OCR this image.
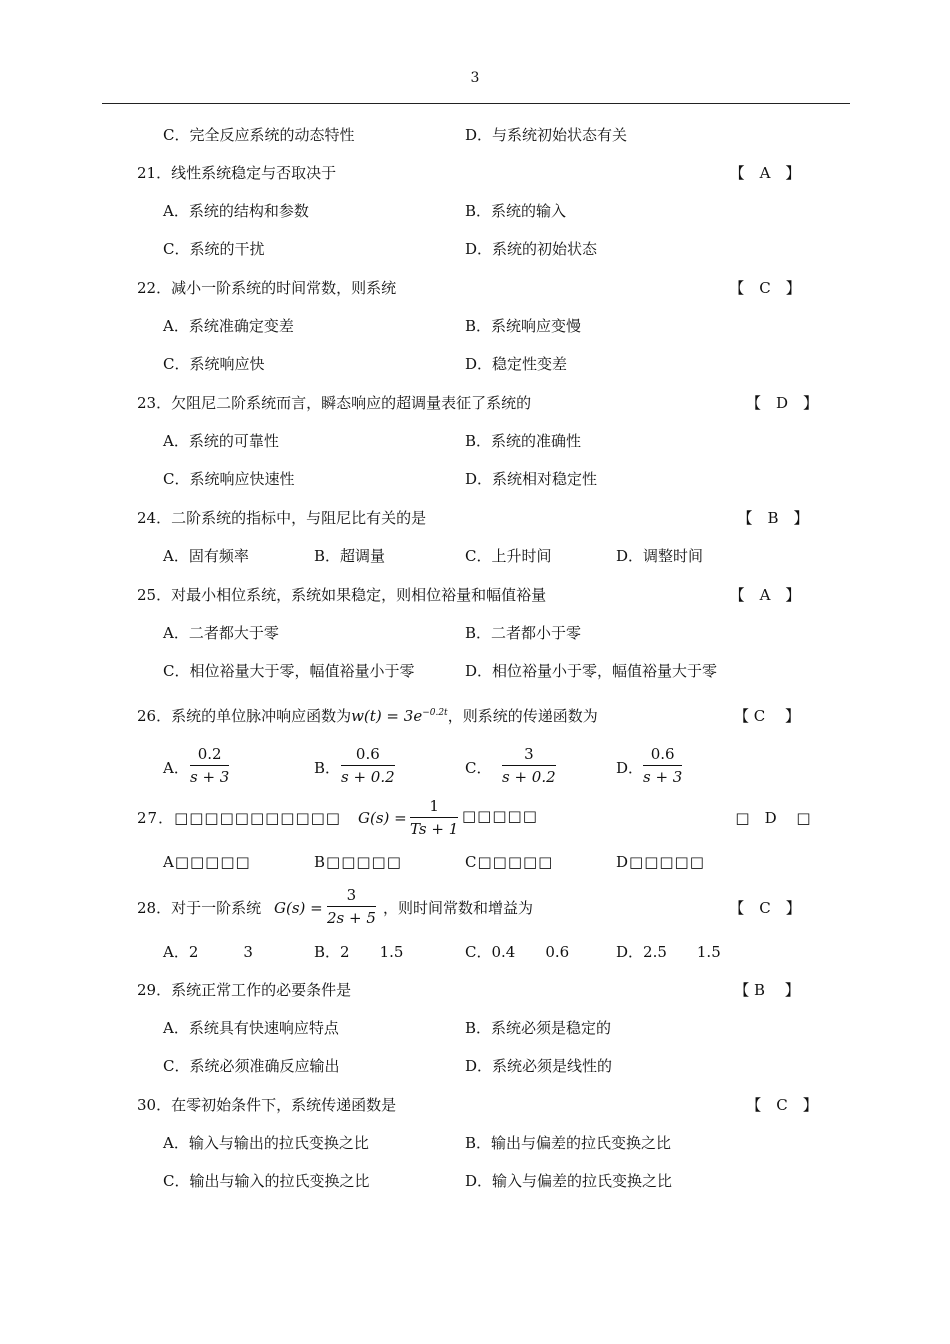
3
C．完全反应系统的动态特性	D．与系统初始状态有关
21．线性系统稳定与否取决于	【　A　】
A．系统的结构和参数	B．系统的输入
C．系统的干扰	D．系统的初始状态
22．减小一阶系统的时间常数，则系统	【　C　】
A．系统准确定变差	B．系统响应变慢
C．系统响应快	D．稳定性变差
23．欠阻尼二阶系统而言，瞬态响应的超调量表征了系统的	【　D　】
A．系统的可靠性	B．系统的准确性
C．系统响应快速性	D．系统相对稳定性
24．二阶系统的指标中，与阻尼比有关的是	【　B　】
A．固有频率	B．超调量	C．上升时间	D．调整时间
25．对最小相位系统，系统如果稳定，则相位裕量和幅值裕量	【　A　】
A．二者都大于零	B．二者都小于零
C．相位裕量大于零，幅值裕量小于零	D．相位裕量小于零，幅值裕量大于零
26．系统的单位脉冲响应函数为$w(t) = 3e^{-0.2t}$，则系统的传递函数为	【 C　 】
A． $\frac{0.2}{s + 3}$	B． $\frac{0.6}{s + 0.2}$	C． $\frac{3}{s + 0.2}$	D． $\frac{0.6}{s + 3}$
27．□□□□□□□□□□□ $G(s) = \frac{1}{Ts + 1}$ □□□□□	□　D　 □
A□□□□□	B□□□□□	C□□□□□	D□□□□□
28．对于一阶系统 $G(s) = \frac{3}{2s + 5}$ ，则时间常数和增益为	【　C　】
A．2　　　3	B．2　　1.5	C．0.4　　0.6	D．2.5　　1.5
29．系统正常工作的必要条件是	【 B　 】
A．系统具有快速响应特点	B．系统必须是稳定的
C．系统必须准确反应输出	D．系统必须是线性的
30．在零初始条件下，系统传递函数是	【　C　】
A．输入与输出的拉氏变换之比	B．输出与偏差的拉氏变换之比
C．输出与输入的拉氏变换之比	D．输入与偏差的拉氏变换之比
